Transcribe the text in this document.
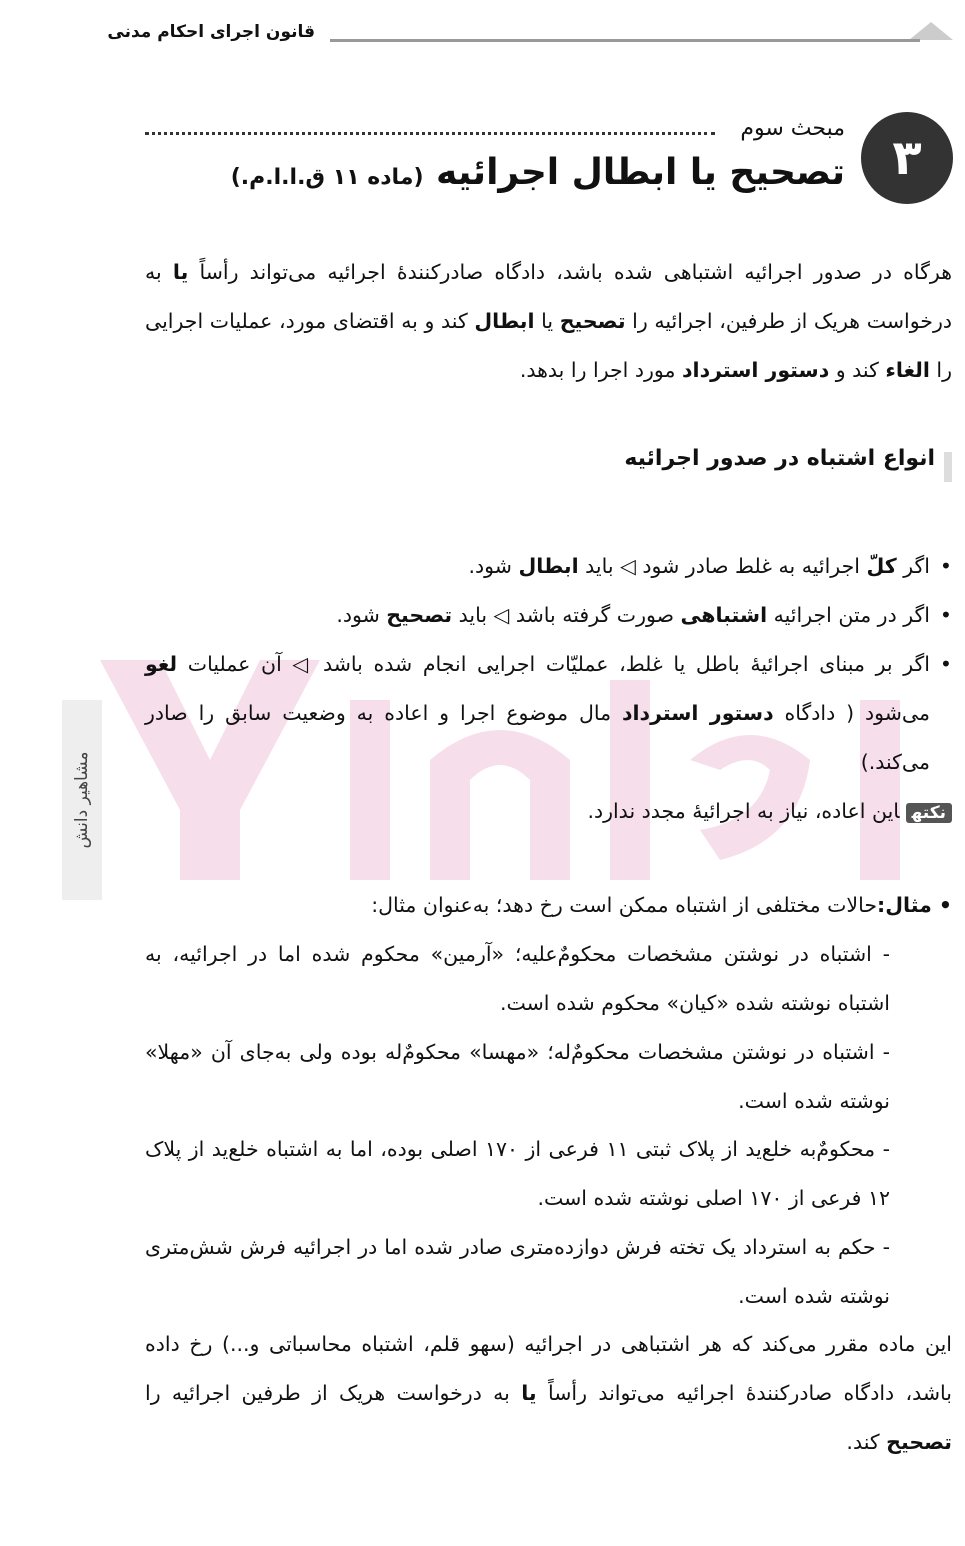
قانون اجرای احکام مدنی
۳
مبحث سوم
تصحیح یا ابطال اجرائیه (ماده ۱۱ ق.ا.ا.م.)
هرگاه در صدور اجرائیه اشتباهی شده باشد، دادگاه صادرکنندهٔ اجرائیه می‌تواند رأساً یا به درخواست هریک از طرفین، اجرائیه را تصحیح یا ابطال کند و به اقتضای مورد، عملیات اجرایی را الغاء کند و دستور استرداد مورد اجرا را بدهد.
انواع اشتباه در صدور اجرائیه
•
اگر کلّ اجرائیه به غلط صادر شود ◁ باید ابطال شود.
•
اگر در متن اجرائیه اشتباهی صورت گرفته باشد ◁ باید تصحیح شود.
•
اگر بر مبنای اجرائیهٔ باطل یا غلط، عملیّات اجرایی انجام شده باشد ◁ آن عملیات لغو می‌شود ( دادگاه دستور استرداد مال موضوع اجرا و اعاده به وضعیت سابق را صادر می‌کند.)
نکتهاین اعاده، نیاز به اجرائیهٔ مجدد ندارد.
• مثال:حالات مختلفی از اشتباه ممکن است رخ دهد؛ به‌عنوان مثال:
- اشتباه در نوشتن مشخصات محکومٌ‌علیه؛ «آرمین» محکوم شده اما در اجرائیه، به اشتباه نوشته شده «کیان» محکوم شده است.
- اشتباه در نوشتن مشخصات محکومٌ‌له؛ «مهسا» محکومٌ‌له بوده ولی به‌جای آن «مهلا» نوشته شده است.
- محکومٌ‌به خلع‌ید از پلاک ثبتی ۱۱ فرعی از ۱۷۰ اصلی بوده، اما به اشتباه خلع‌ید از پلاک ۱۲ فرعی از ۱۷۰ اصلی نوشته شده است.
- حکم به استرداد یک تخته فرش دوازده‌متری صادر شده اما در اجرائیه فرش شش‌متری نوشته شده است.
این ماده مقرر می‌کند که هر اشتباهی در اجرائیه (سهو قلم، اشتباه محاسباتی و...) رخ داده باشد، دادگاه صادرکنندهٔ اجرائیه می‌تواند رأساً یا به درخواست هریک از طرفین اجرائیه را تصحیح کند.
مشاهیر دانش
